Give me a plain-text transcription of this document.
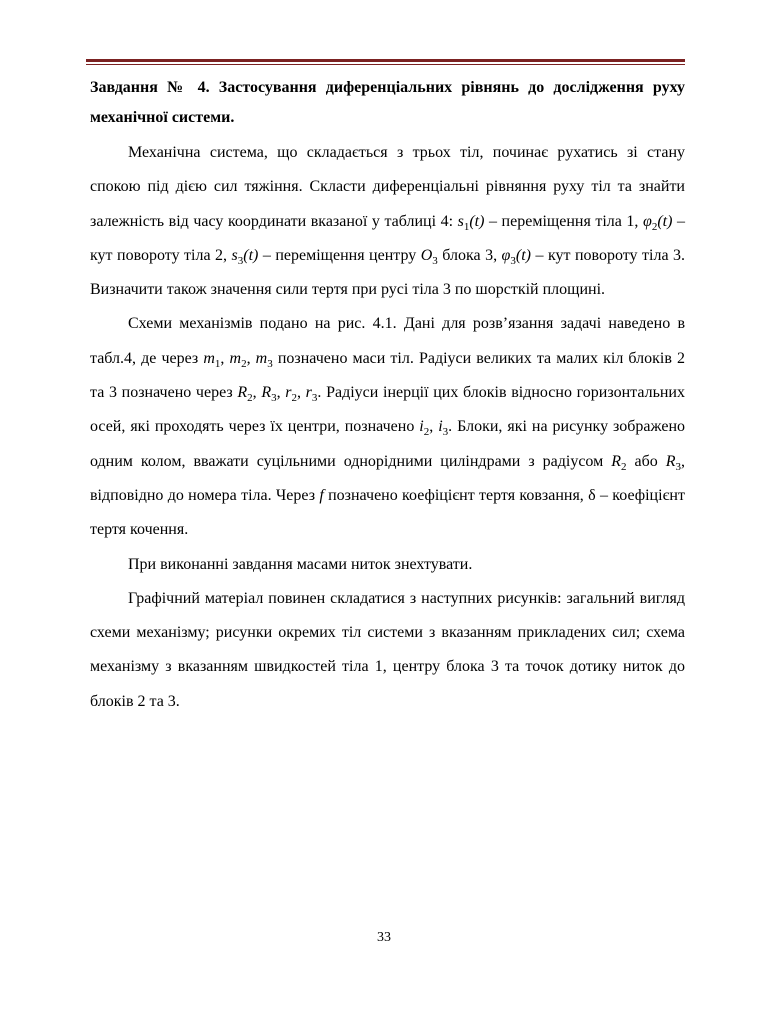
Завдання № 4. Застосування диференціальних рівнянь до дослідження руху механічної системи.

Механічна система, що складається з трьох тіл, починає рухатись зі стану спокою під дією сил тяжіння. Скласти диференціальні рівняння руху тіл та знайти залежність від часу координати вказаної у таблиці 4: $s_1(t)$ – переміщення тіла 1, $\varphi_2(t)$ – кут повороту тіла 2, $s_3(t)$ – переміщення центру $O_3$ блока 3, $\varphi_3(t)$ – кут повороту тіла 3. Визначити також значення сили тертя при русі тіла 3 по шорсткій площині.

Схеми механізмів подано на рис. 4.1. Дані для розв’язання задачі наведено в табл.4, де через $m_1$, $m_2$, $m_3$ позначено маси тіл. Радіуси великих та малих кіл блоків 2 та 3 позначено через $R_2$, $R_3$, $r_2$, $r_3$. Радіуси інерції цих блоків відносно горизонтальних осей, які проходять через їх центри, позначено $i_2$, $i_3$. Блоки, які на рисунку зображено одним колом, вважати суцільними однорідними циліндрами з радіусом $R_2$ або $R_3$, відповідно до номера тіла. Через f позначено коефіцієнт тертя ковзання, δ – коефіцієнт тертя кочення.

При виконанні завдання масами ниток знехтувати.

Графічний матеріал повинен складатися з наступних рисунків: загальний вигляд схеми механізму; рисунки окремих тіл системи з вказанням прикладених сил; схема механізму з вказанням швидкостей тіла 1, центру блока 3 та точок дотику ниток до блоків 2 та 3.

33
